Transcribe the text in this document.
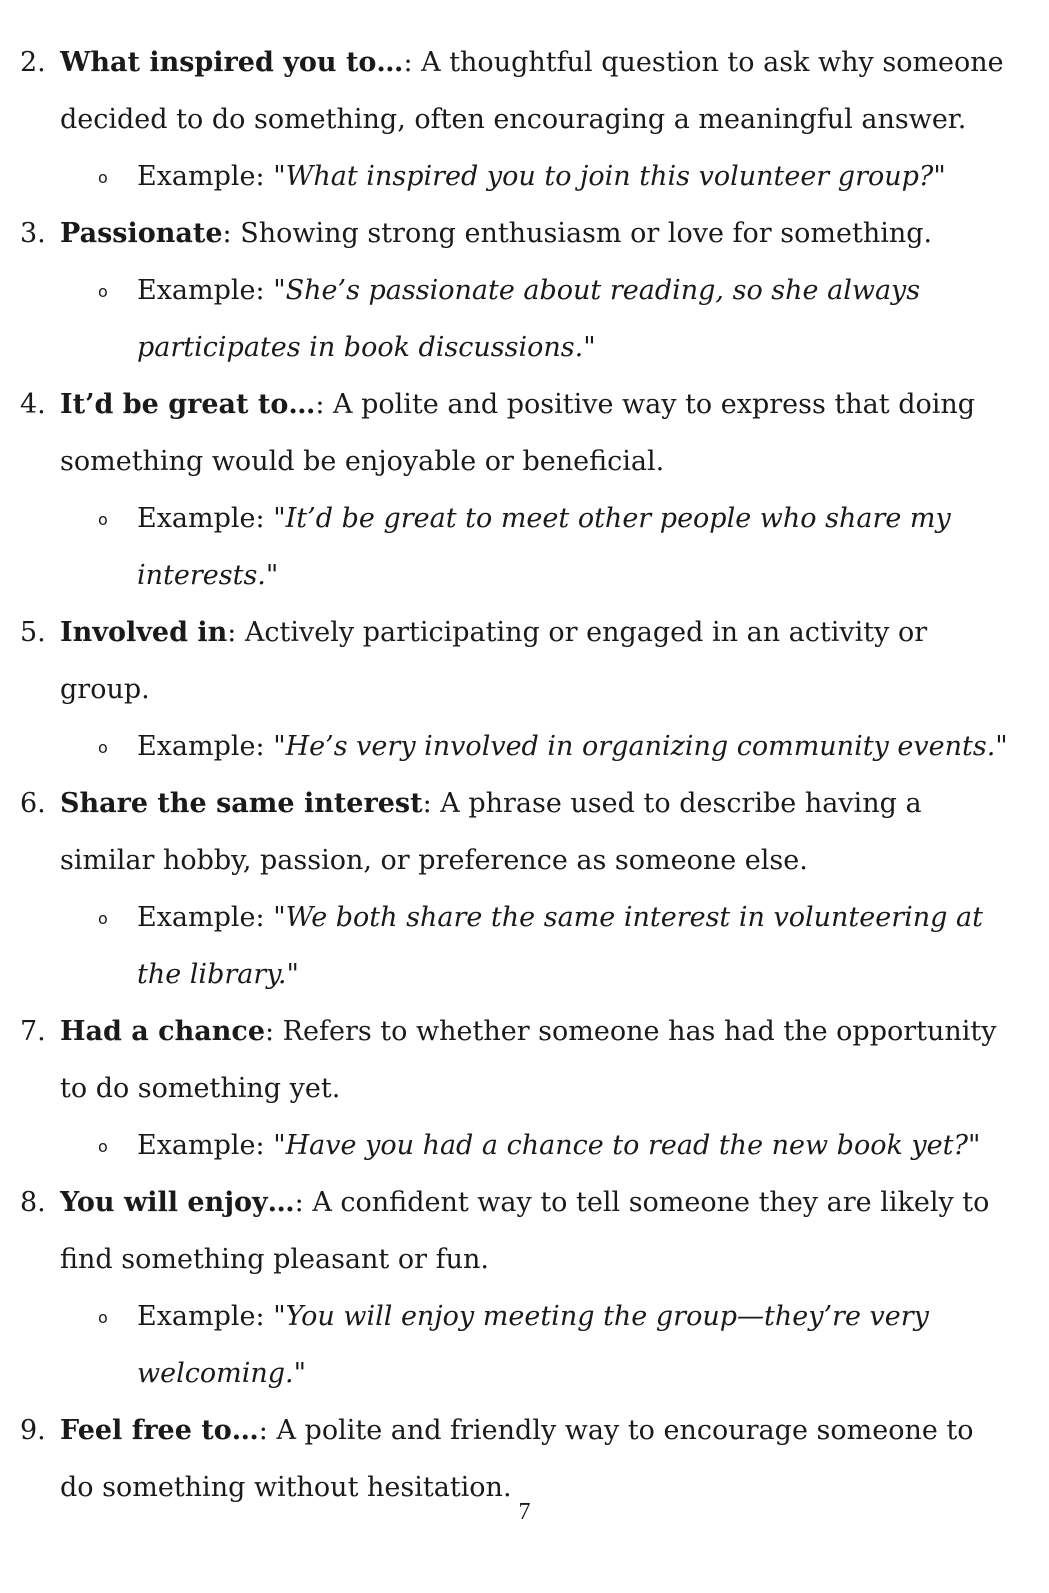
2. What inspired you to…: A thoughtful question to ask why someone decided to do something, often encouraging a meaningful answer.
o Example: "What inspired you to join this volunteer group?"
3. Passionate: Showing strong enthusiasm or love for something.
o Example: "She’s passionate about reading, so she always participates in book discussions."
4. It’d be great to…: A polite and positive way to express that doing something would be enjoyable or beneficial.
o Example: "It’d be great to meet other people who share my interests."
5. Involved in: Actively participating or engaged in an activity or group.
o Example: "He’s very involved in organizing community events."
6. Share the same interest: A phrase used to describe having a similar hobby, passion, or preference as someone else.
o Example: "We both share the same interest in volunteering at the library."
7. Had a chance: Refers to whether someone has had the opportunity to do something yet.
o Example: "Have you had a chance to read the new book yet?"
8. You will enjoy…: A confident way to tell someone they are likely to find something pleasant or fun.
o Example: "You will enjoy meeting the group—they’re very welcoming."
9. Feel free to…: A polite and friendly way to encourage someone to do something without hesitation.
7
